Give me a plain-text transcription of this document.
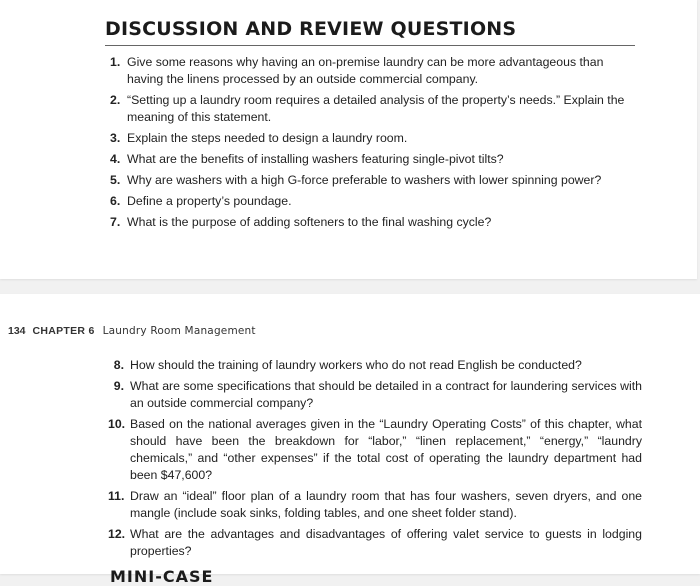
DISCUSSION AND REVIEW QUESTIONS
1. Give some reasons why having an on-premise laundry can be more advantageous than having the linens processed by an outside commercial company.
2. “Setting up a laundry room requires a detailed analysis of the property’s needs.” Explain the meaning of this statement.
3. Explain the steps needed to design a laundry room.
4. What are the benefits of installing washers featuring single-pivot tilts?
5. Why are washers with a high G-force preferable to washers with lower spinning power?
6. Define a property’s poundage.
7. What is the purpose of adding softeners to the final washing cycle?
134 CHAPTER 6 Laundry Room Management
8. How should the training of laundry workers who do not read English be conducted?
9. What are some specifications that should be detailed in a contract for laundering services with an outside commercial company?
10. Based on the national averages given in the “Laundry Operating Costs” of this chapter, what should have been the breakdown for “labor,” “linen replacement,” “energy,” “laundry chemicals,” and “other expenses” if the total cost of operating the laundry department had been $47,600?
11. Draw an “ideal” floor plan of a laundry room that has four washers, seven dryers, and one mangle (include soak sinks, folding tables, and one sheet folder stand).
12. What are the advantages and disadvantages of offering valet service to guests in lodging properties?
MINI-CASE
